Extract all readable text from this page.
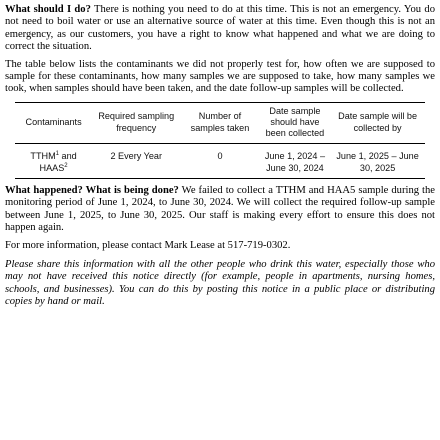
What should I do? There is nothing you need to do at this time. This is not an emergency. You do not need to boil water or use an alternative source of water at this time. Even though this is not an emergency, as our customers, you have a right to know what happened and what we are doing to correct the situation.

The table below lists the contaminants we did not properly test for, how often we are supposed to sample for these contaminants, how many samples we are supposed to take, how many samples we took, when samples should have been taken, and the date follow-up samples will be collected.

Contaminants	Required sampling frequency	Number of samples taken	Date sample should have been collected	Date sample will be collected by
TTHM$^1$ and
HAAS$^2$	2 Every Year	0	June 1, 2024 – June 30, 2024	June 1, 2025 – June 30, 2025

What happened? What is being done? We failed to collect a TTHM and HAA5 sample during the monitoring period of June 1, 2024, to June 30, 2024. We will collect the required follow-up sample between June 1, 2025, to June 30, 2025. Our staff is making every effort to ensure this does not happen again.

For more information, please contact Mark Lease at 517-719-0302.

Please share this information with all the other people who drink this water, especially those who may not have received this notice directly (for example, people in apartments, nursing homes, schools, and businesses). You can do this by posting this notice in a public place or distributing copies by hand or mail.
